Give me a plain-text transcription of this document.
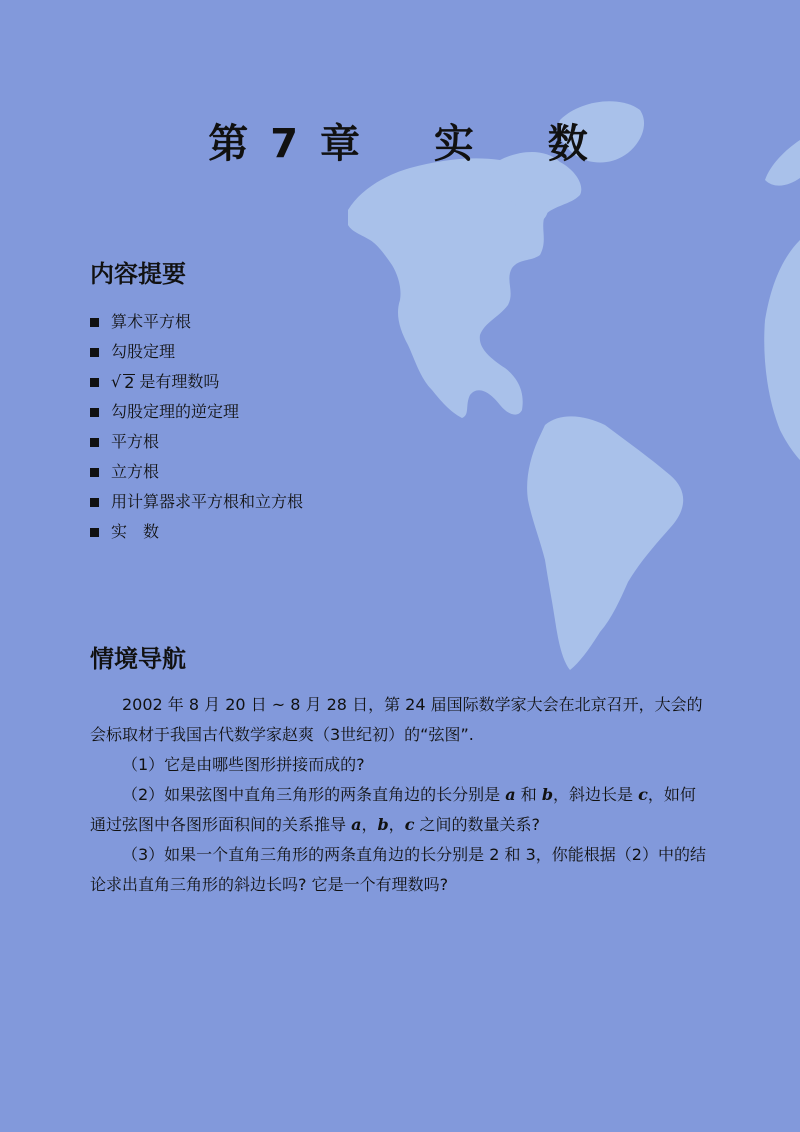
第 7 章 实 数
内容提要
算术平方根
勾股定理
√ 2 是有理数吗
勾股定理的逆定理
平方根
立方根
用计算器求平方根和立方根
实　数
情境导航
2002 年 8 月 20 日 ~ 8 月 28 日，第 24 届国际数学家大会在北京召开，大会的会标取材于我国古代数学家赵爽（3世纪初）的“弦图”.
（1）它是由哪些图形拼接而成的?
（2）如果弦图中直角三角形的两条直角边的长分别是 a 和 b，斜边长是 c，如何通过弦图中各图形面积间的关系推导 a，b，c 之间的数量关系?
（3）如果一个直角三角形的两条直角边的长分别是 2 和 3，你能根据（2）中的结论求出直角三角形的斜边长吗? 它是一个有理数吗?
